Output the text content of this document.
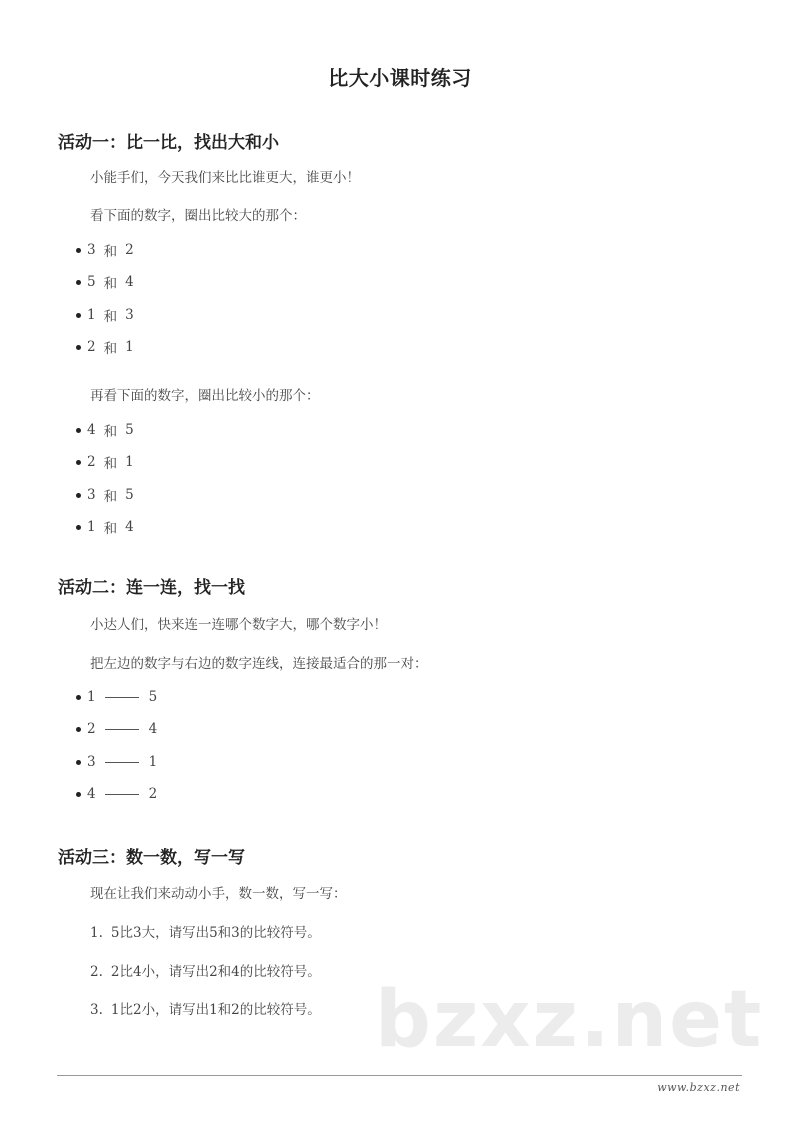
比大小课时练习
活动一：比一比，找出大和小
小能手们，今天我们来比比谁更大，谁更小！
看下面的数字，圈出比较大的那个：
3 和 2
5 和 4
1 和 3
2 和 1
再看下面的数字，圈出比较小的那个：
4 和 5
2 和 1
3 和 5
1 和 4
活动二：连一连，找一找
小达人们，快来连一连哪个数字大，哪个数字小！
把左边的数字与右边的数字连线，连接最适合的那一对：
1	5
2	4
3	1
4	2
活动三：数一数，写一写
现在让我们来动动小手，数一数，写一写：
1. 5比3大，请写出5和3的比较符号。
2. 2比4小，请写出2和4的比较符号。
3. 1比2小，请写出1和2的比较符号。 bzxz.net
www.bzxz.net
